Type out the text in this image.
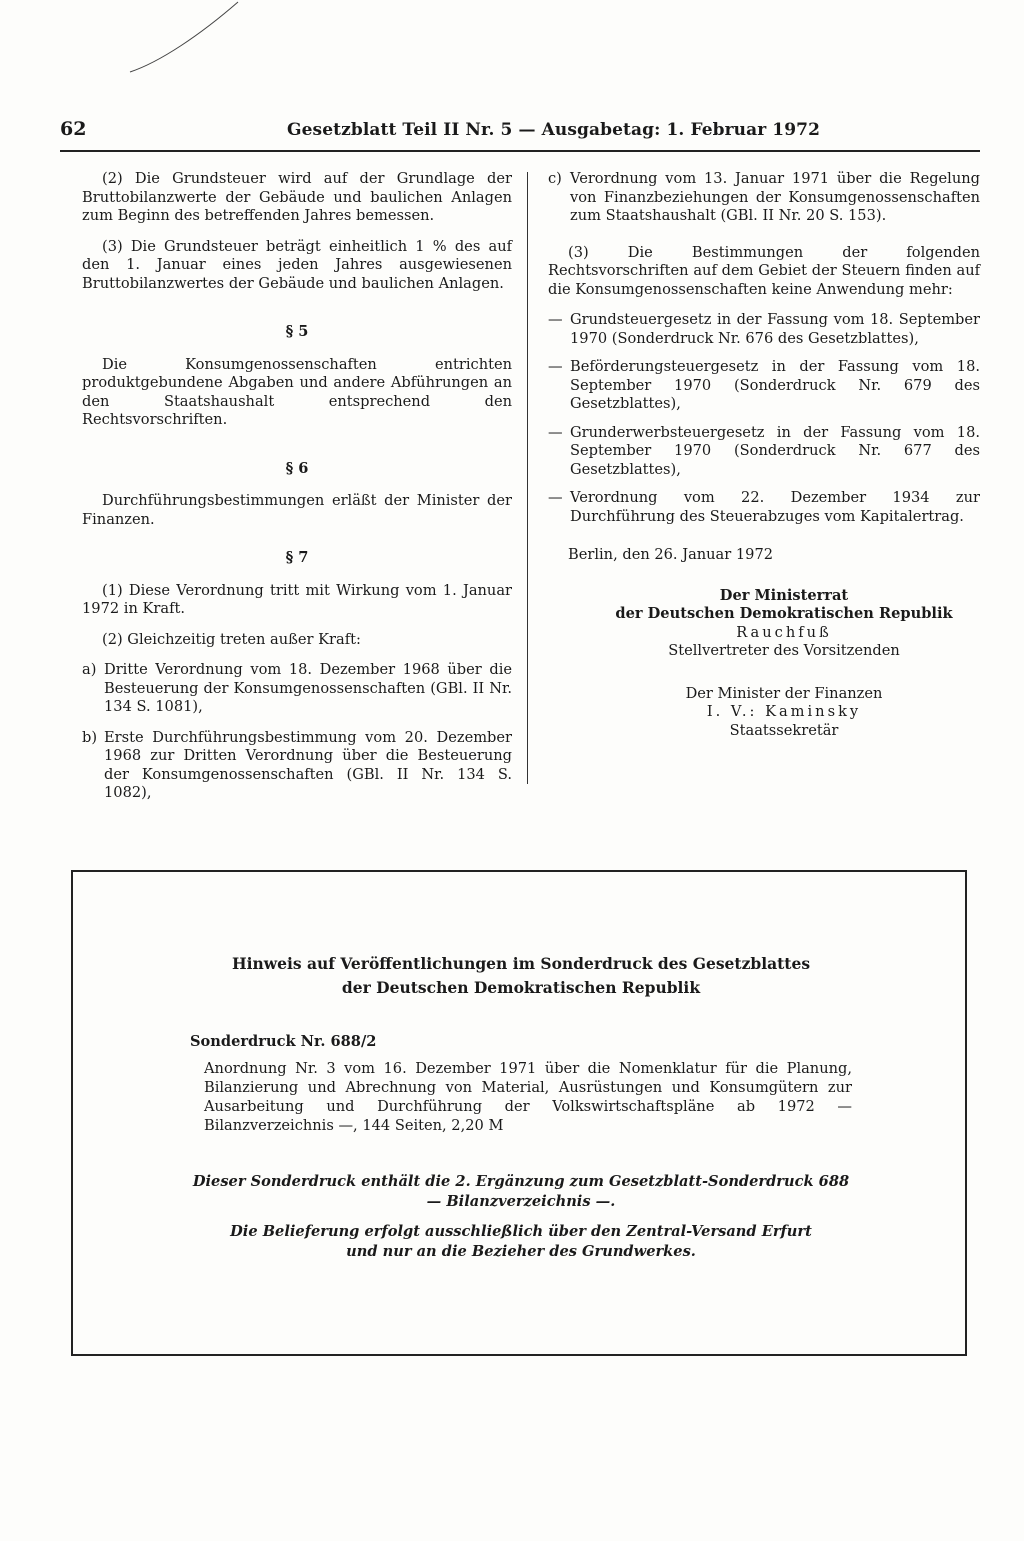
62	Gesetzblatt Teil II Nr. 5 — Ausgabetag: 1. Februar 1972

(2) Die Grundsteuer wird auf der Grundlage der Bruttobilanzwerte der Gebäude und baulichen Anlagen zum Beginn des betreffenden Jahres bemessen.

(3) Die Grundsteuer beträgt einheitlich 1 % des auf den 1. Januar eines jeden Jahres ausgewiesenen Bruttobilanzwertes der Gebäude und baulichen Anlagen.

§ 5

Die Konsumgenossenschaften entrichten produktgebundene Abgaben und andere Abführungen an den Staatshaushalt entsprechend den Rechtsvorschriften.

§ 6

Durchführungsbestimmungen erläßt der Minister der Finanzen.

§ 7

(1) Diese Verordnung tritt mit Wirkung vom 1. Januar 1972 in Kraft.

(2) Gleichzeitig treten außer Kraft:

a) Dritte Verordnung vom 18. Dezember 1968 über die Besteuerung der Konsumgenossenschaften (GBl. II Nr. 134 S. 1081),
b) Erste Durchführungsbestimmung vom 20. Dezember 1968 zur Dritten Verordnung über die Besteuerung der Konsumgenossenschaften (GBl. II Nr. 134 S. 1082),
c) Verordnung vom 13. Januar 1971 über die Regelung von Finanzbeziehungen der Konsumgenossenschaften zum Staatshaushalt (GBl. II Nr. 20 S. 153).

(3) Die Bestimmungen der folgenden Rechtsvorschriften auf dem Gebiet der Steuern finden auf die Konsumgenossenschaften keine Anwendung mehr:

— Grundsteuergesetz in der Fassung vom 18. September 1970 (Sonderdruck Nr. 676 des Gesetzblattes),
— Beförderungsteuergesetz in der Fassung vom 18. September 1970 (Sonderdruck Nr. 679 des Gesetzblattes),
— Grunderwerbsteuergesetz in der Fassung vom 18. September 1970 (Sonderdruck Nr. 677 des Gesetzblattes),
— Verordnung vom 22. Dezember 1934 zur Durchführung des Steuerabzuges vom Kapitalertrag.

Berlin, den 26. Januar 1972

Der Ministerrat

der Deutschen Demokratischen Republik

Rauchfuß

Stellvertreter des Vorsitzenden

Der Minister der Finanzen

I. V.: Kaminsky

Staatssekretär

Hinweis auf Veröffentlichungen im Sonderdruck des Gesetzblattes
der Deutschen Demokratischen Republik
Sonderdruck Nr. 688/2
Anordnung Nr. 3 vom 16. Dezember 1971 über die Nomenklatur für die Planung, Bilanzierung und Abrechnung von Material, Ausrüstungen und Konsumgütern zur Ausarbeitung und Durchführung der Volkswirtschaftspläne ab 1972 — Bilanzverzeichnis —, 144 Seiten, 2,20 M
Dieser Sonderdruck enthält die 2. Ergänzung zum Gesetzblatt-Sonderdruck 688
— Bilanzverzeichnis —.
Die Belieferung erfolgt ausschließlich über den Zentral-Versand Erfurt
und nur an die Bezieher des Grundwerkes.
